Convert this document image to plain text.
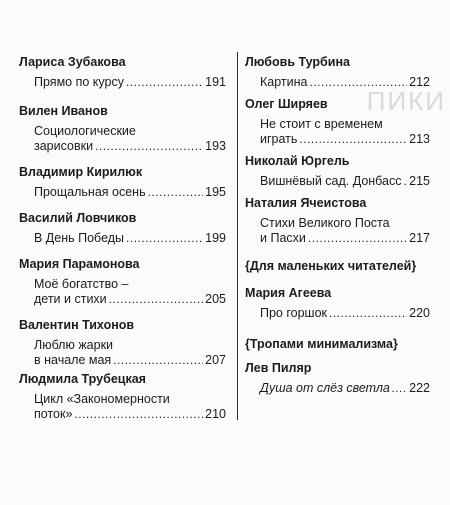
ПИКИ
Лариса Зубакова
Прямо по курсу .....	191
Вилен Иванов
Социологические
зарисовки .....	193
Владимир Кирилюк
Прощальная осень .....	195
Василий Ловчиков
В День Победы .....	199
Мария Парамонова
Моё богатство –
дети и стихи .....	205
Валентин Тихонов
Люблю жарки
в начале мая .....	207
Людмила Трубецкая
Цикл «Закономерности
поток» .....	210
Любовь Турбина
Картина .....	212
Олег Ширяев
Не стоит с временем
играть .....	213
Николай Юргель
Вишнёвый сад. Донбасс ..... 215
Наталия Ячеистова
Стихи Великого Поста
и Пасхи .....	217
{Для маленьких читателей}
Мария Агеева
Про горшок .....	220
{Тропами минимализма}
Лев Пиляр
Душа от слёз светла ..... 222
